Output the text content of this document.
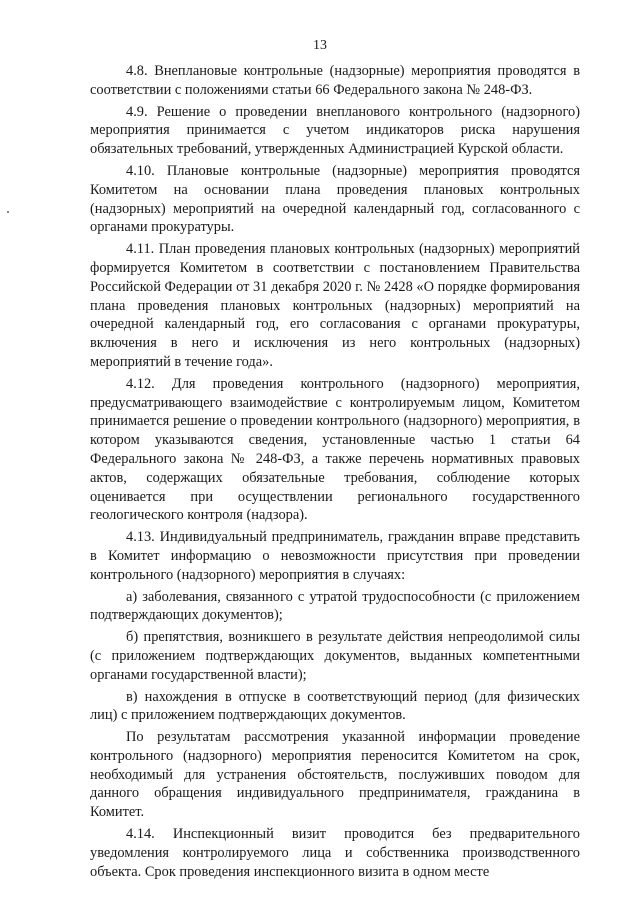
13

4.8. Внеплановые контрольные (надзорные) мероприятия проводятся в соответствии с положениями статьи 66 Федерального закона № 248-ФЗ.

4.9. Решение о проведении внепланового контрольного (надзорного) мероприятия принимается с учетом индикаторов риска нарушения обязательных требований, утвержденных Администрацией Курской области.

4.10. Плановые контрольные (надзорные) мероприятия проводятся Комитетом на основании плана проведения плановых контрольных (надзорных) мероприятий на очередной календарный год, согласованного с органами прокуратуры.

4.11. План проведения плановых контрольных (надзорных) мероприятий формируется Комитетом в соответствии с постановлением Правительства Российской Федерации от 31 декабря 2020 г. № 2428 «О порядке формирования плана проведения плановых контрольных (надзорных) мероприятий на очередной календарный год, его согласования с органами прокуратуры, включения в него и исключения из него контрольных (надзорных) мероприятий в течение года».

4.12. Для проведения контрольного (надзорного) мероприятия, предусматривающего взаимодействие с контролируемым лицом, Комитетом принимается решение о проведении контрольного (надзорного) мероприятия, в котором указываются сведения, установленные частью 1 статьи 64 Федерального закона № 248-ФЗ, а также перечень нормативных правовых актов, содержащих обязательные требования, соблюдение которых оценивается при осуществлении регионального государственного геологического контроля (надзора).

4.13. Индивидуальный предприниматель, гражданин вправе представить в Комитет информацию о невозможности присутствия при проведении контрольного (надзорного) мероприятия в случаях:

а) заболевания, связанного с утратой трудоспособности (с приложением подтверждающих документов);

б) препятствия, возникшего в результате действия непреодолимой силы (с приложением подтверждающих документов, выданных компетентными органами государственной власти);

в) нахождения в отпуске в соответствующий период (для физических лиц) с приложением подтверждающих документов.

По результатам рассмотрения указанной информации проведение контрольного (надзорного) мероприятия переносится Комитетом на срок, необходимый для устранения обстоятельств, послуживших поводом для данного обращения индивидуального предпринимателя, гражданина в Комитет.

4.14. Инспекционный визит проводится без предварительного уведомления контролируемого лица и собственника производственного объекта. Срок проведения инспекционного визита в одном месте
